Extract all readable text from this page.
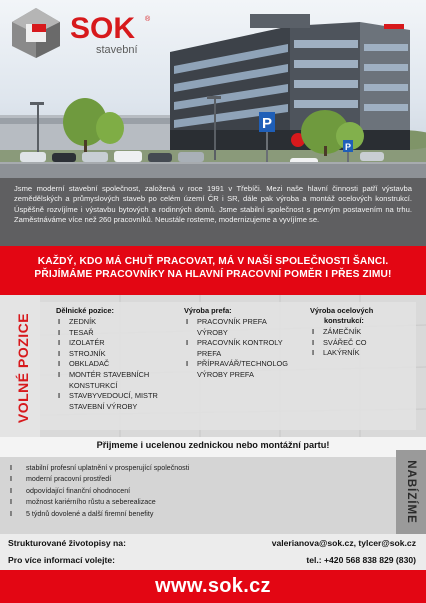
P
P
SOK ®
stavební
Jsme moderní stavební společnost, založená v roce 1991 v Třebíči. Mezi naše hlavní činnosti patří výstavba zemědělských a průmyslových staveb po celém území ČR i SR, dále pak výroba a montáž ocelových konstrukcí. Úspěšně rozvíjíme i výstavbu bytových a rodinných domů. Jsme stabilní společnost s pevným postavením na trhu. Zaměstnáváme více než 260 pracovníků. Neustále rosteme, modernizujeme a vyvíjíme se.
KAŽDÝ, KDO MÁ CHUŤ PRACOVAT, MÁ V NAŠÍ SPOLEČNOSTI ŠANCI.
PŘIJÍMÁME PRACOVNÍKY NA HLAVNÍ PRACOVNÍ POMĚR I PŘES ZIMU!
VOLNÉ POZICE
Dělnické pozice:
I ZEDNÍK
I TESAŘ
I IZOLATÉR
I STROJNÍK
I OBKLADAČ
I MONTÉR STAVEBNÍCH
KONSTURKCÍ
I STAVBYVEDOUCÍ, MISTR
STAVEBNÍ VÝROBY
Výroba prefa:
I PRACOVNÍK PREFA
VÝROBY
I PRACOVNÍK KONTROLY
PREFA
I PŘÍPRAVÁŘ/TECHNOLOG
VÝROBY PREFA
Výroba ocelových
konstrukcí:
I ZÁMEČNÍK
I SVÁŘEČ CO
I LAKÝRNÍK
Přijmeme i ucelenou zednickou nebo montážní partu!
NABÍZÍME
I stabilní profesní uplatnění v prosperující společnosti
I moderní pracovní prostředí
I odpovídající finanční ohodnocení
I možnost kariérního růstu a seberealizace
I 5 týdnů dovolené a další firemní benefity
Strukturované životopisy na:	valerianova@sok.cz, tylcer@sok.cz
Pro více informací volejte:	tel.: +420 568 838 829 (830)
www.sok.cz
